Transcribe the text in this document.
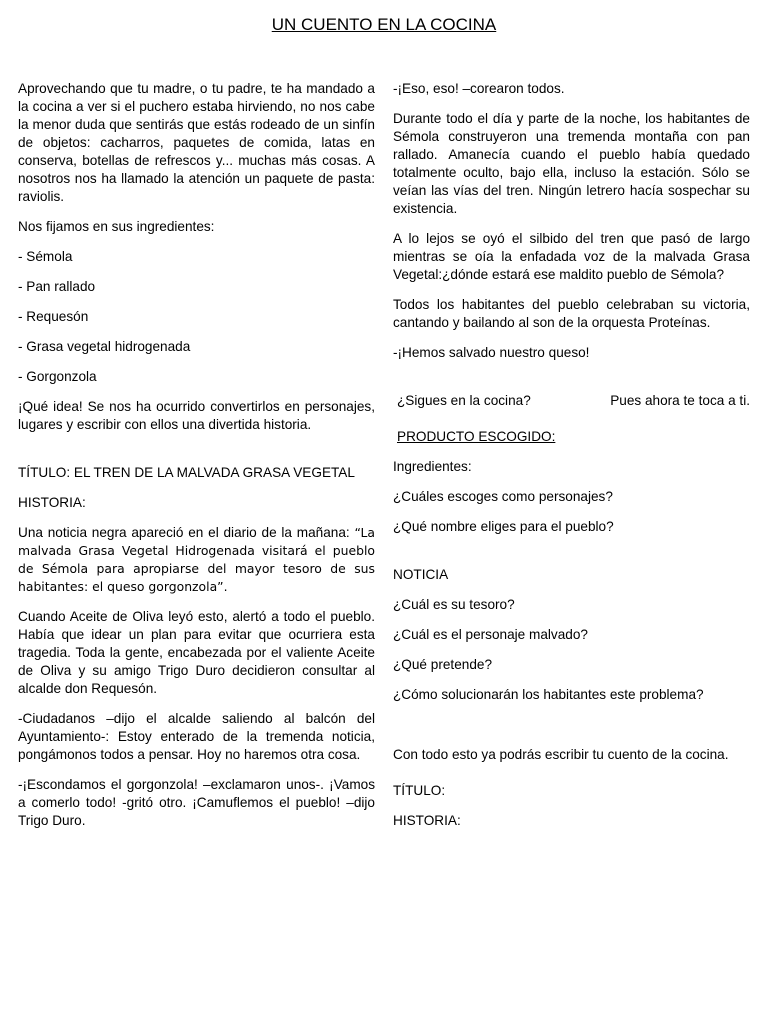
UN CUENTO EN LA COCINA

Aprovechando que tu madre, o tu padre, te ha mandado a la cocina a ver si el puchero estaba hirviendo, no nos cabe la menor duda que sentirás que estás rodeado de un sinfín de objetos: cacharros, paquetes de comida, latas en conserva, botellas de refrescos y... muchas más cosas. A nosotros nos ha llamado la atención un paquete de pasta: raviolis.

Nos fijamos en sus ingredientes:

- Sémola

- Pan rallado

- Requesón

- Grasa vegetal hidrogenada

- Gorgonzola

¡Qué idea! Se nos ha ocurrido convertirlos en personajes, lugares y escribir con ellos una divertida historia.

TÍTULO: EL TREN DE LA MALVADA GRASA VEGETAL

HISTORIA:

Una noticia negra apareció en el diario de la mañana: “La malvada Grasa Vegetal Hidrogenada visitará el pueblo de Sémola para apropiarse del mayor tesoro de sus habitantes: el queso gorgonzola”.

Cuando Aceite de Oliva leyó esto, alertó a todo el pueblo. Había que idear un plan para evitar que ocurriera esta tragedia. Toda la gente, encabezada por el valiente Aceite de Oliva y su amigo Trigo Duro decidieron consultar al alcalde don Requesón.

-Ciudadanos –dijo el alcalde saliendo al balcón del Ayuntamiento-: Estoy enterado de la tremenda noticia, pongámonos todos a pensar. Hoy no haremos otra cosa.

-¡Escondamos el gorgonzola! –exclamaron unos-. ¡Vamos a comerlo todo! -gritó otro. ¡Camuflemos el pueblo! –dijo Trigo Duro.

-¡Eso, eso! –corearon todos.

Durante todo el día y parte de la noche, los habitantes de Sémola construyeron una tremenda montaña con pan rallado. Amanecía cuando el pueblo había quedado totalmente oculto, bajo ella, incluso la estación. Sólo se veían las vías del tren. Ningún letrero hacía sospechar su existencia.

A lo lejos se oyó el silbido del tren que pasó de largo mientras se oía la enfadada voz de la malvada Grasa Vegetal:¿dónde estará ese maldito pueblo de Sémola?

Todos los habitantes del pueblo celebraban su victoria, cantando y bailando al son de la orquesta Proteínas.

-¡Hemos salvado nuestro queso!

¿Sigues en la cocina?	Pues ahora te toca a ti.

PRODUCTO ESCOGIDO:

Ingredientes:

¿Cuáles escoges como personajes?

¿Qué nombre eliges para el pueblo?

NOTICIA

¿Cuál es su tesoro?

¿Cuál es el personaje malvado?

¿Qué pretende?

¿Cómo solucionarán los habitantes este problema?

Con todo esto ya podrás escribir tu cuento de la cocina.

TÍTULO:

HISTORIA:
